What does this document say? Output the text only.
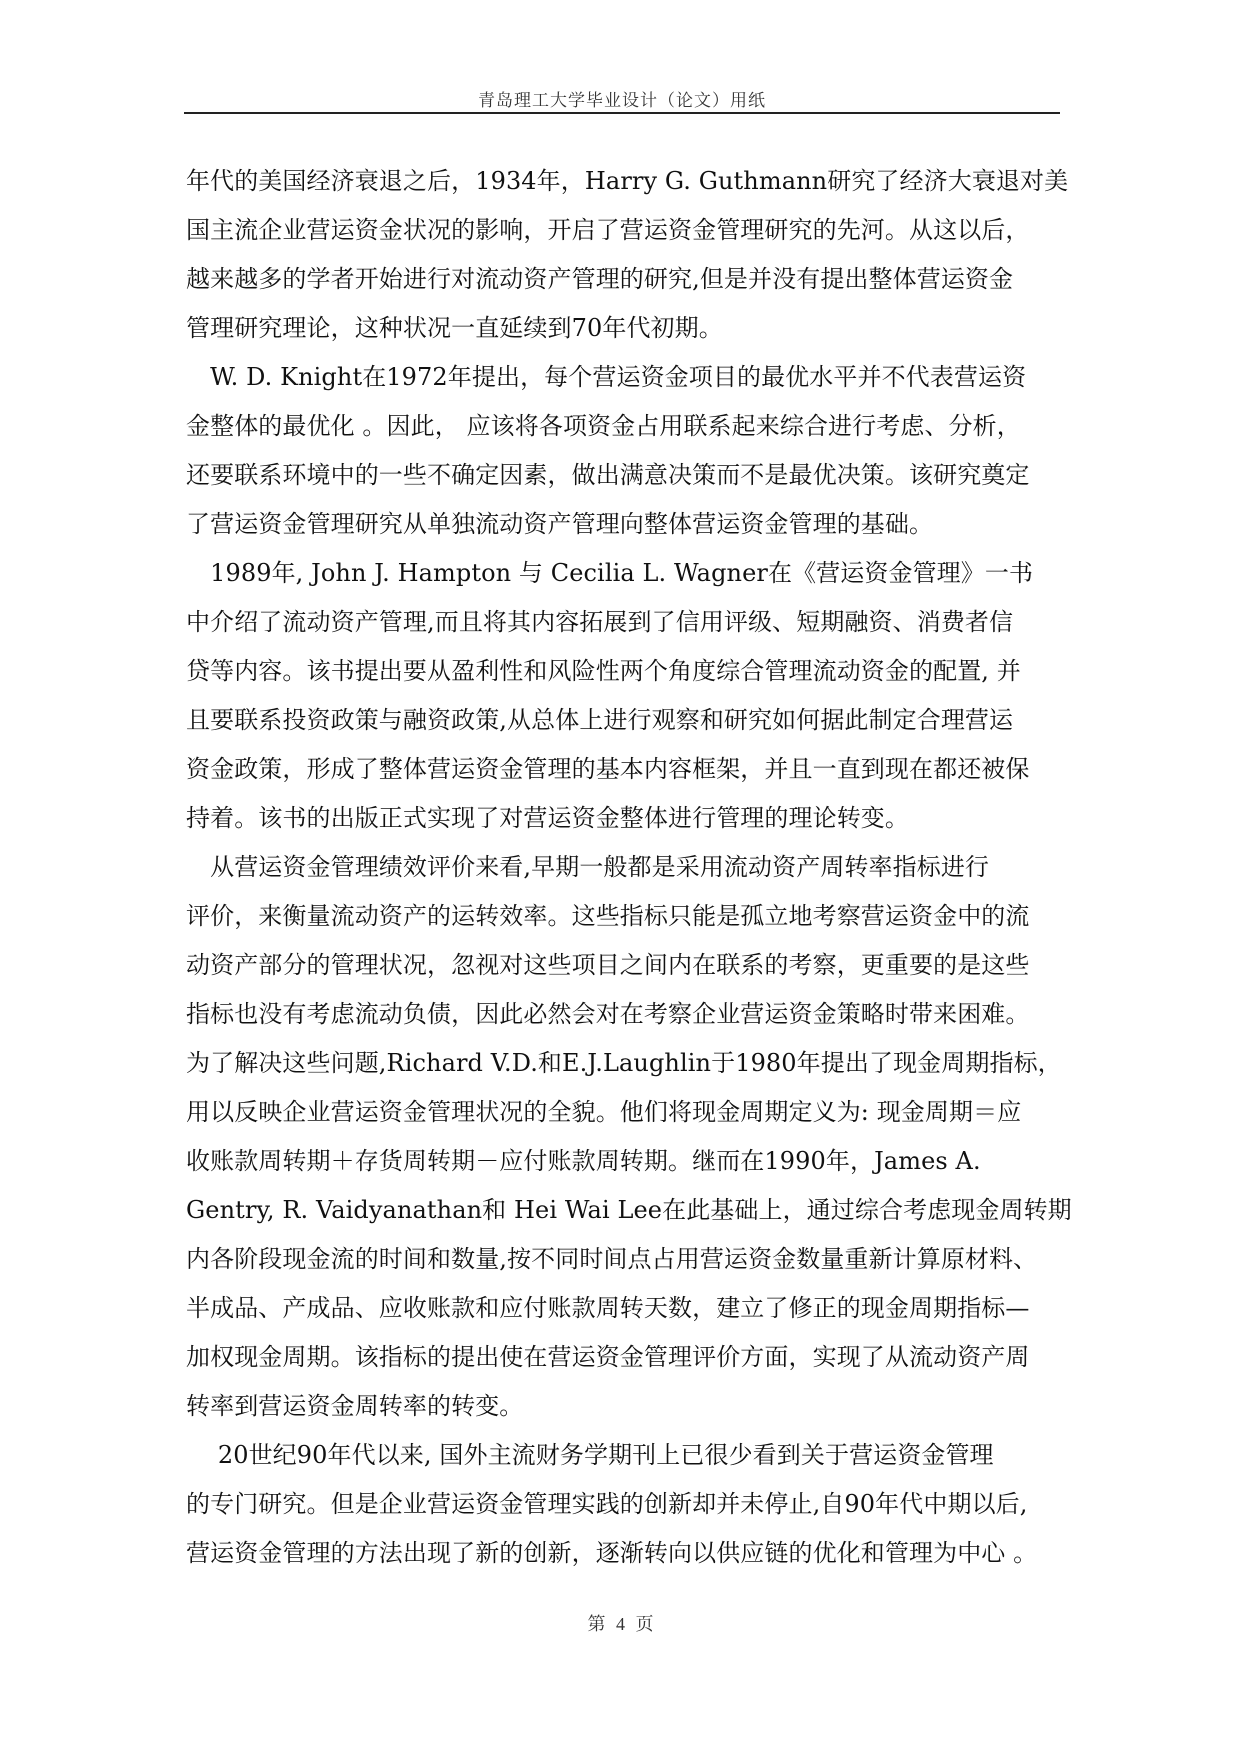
青岛理工大学毕业设计（论文）用纸
年代的美国经济衰退之后，1934年，Harry G. Guthmann研究了经济大衰退对美
国主流企业营运资金状况的影响，开启了营运资金管理研究的先河。从这以后，
越来越多的学者开始进行对流动资产管理的研究,但是并没有提出整体营运资金
管理研究理论，这种状况一直延续到70年代初期。
　W. D. Knight在1972年提出，每个营运资金项目的最优水平并不代表营运资
金整体的最优化 。因此， 应该将各项资金占用联系起来综合进行考虑、分析，
还要联系环境中的一些不确定因素，做出满意决策而不是最优决策。该研究奠定
了营运资金管理研究从单独流动资产管理向整体营运资金管理的基础。
　1989年, John J. Hampton 与 Cecilia L. Wagner在《营运资金管理》一书
中介绍了流动资产管理,而且将其内容拓展到了信用评级、短期融资、消费者信
贷等内容。该书提出要从盈利性和风险性两个角度综合管理流动资金的配置, 并
且要联系投资政策与融资政策,从总体上进行观察和研究如何据此制定合理营运
资金政策，形成了整体营运资金管理的基本内容框架，并且一直到现在都还被保
持着。该书的出版正式实现了对营运资金整体进行管理的理论转变。
　从营运资金管理绩效评价来看,早期一般都是采用流动资产周转率指标进行
评价，来衡量流动资产的运转效率。这些指标只能是孤立地考察营运资金中的流
动资产部分的管理状况，忽视对这些项目之间内在联系的考察，更重要的是这些
指标也没有考虑流动负债，因此必然会对在考察企业营运资金策略时带来困难。
为了解决这些问题,Richard V.D.和E.J.Laughlin于1980年提出了现金周期指标，
用以反映企业营运资金管理状况的全貌。他们将现金周期定义为: 现金周期＝应
收账款周转期＋存货周转期－应付账款周转期。继而在1990年，James A.
Gentry, R. Vaidyanathan和 Hei Wai Lee在此基础上，通过综合考虑现金周转期
内各阶段现金流的时间和数量,按不同时间点占用营运资金数量重新计算原材料、
半成品、产成品、应收账款和应付账款周转天数，建立了修正的现金周期指标—
加权现金周期。该指标的提出使在营运资金管理评价方面，实现了从流动资产周
转率到营运资金周转率的转变。
　 20世纪90年代以来, 国外主流财务学期刊上已很少看到关于营运资金管理
的专门研究。但是企业营运资金管理实践的创新却并未停止,自90年代中期以后,
营运资金管理的方法出现了新的创新，逐渐转向以供应链的优化和管理为中心 。
第 4 页
